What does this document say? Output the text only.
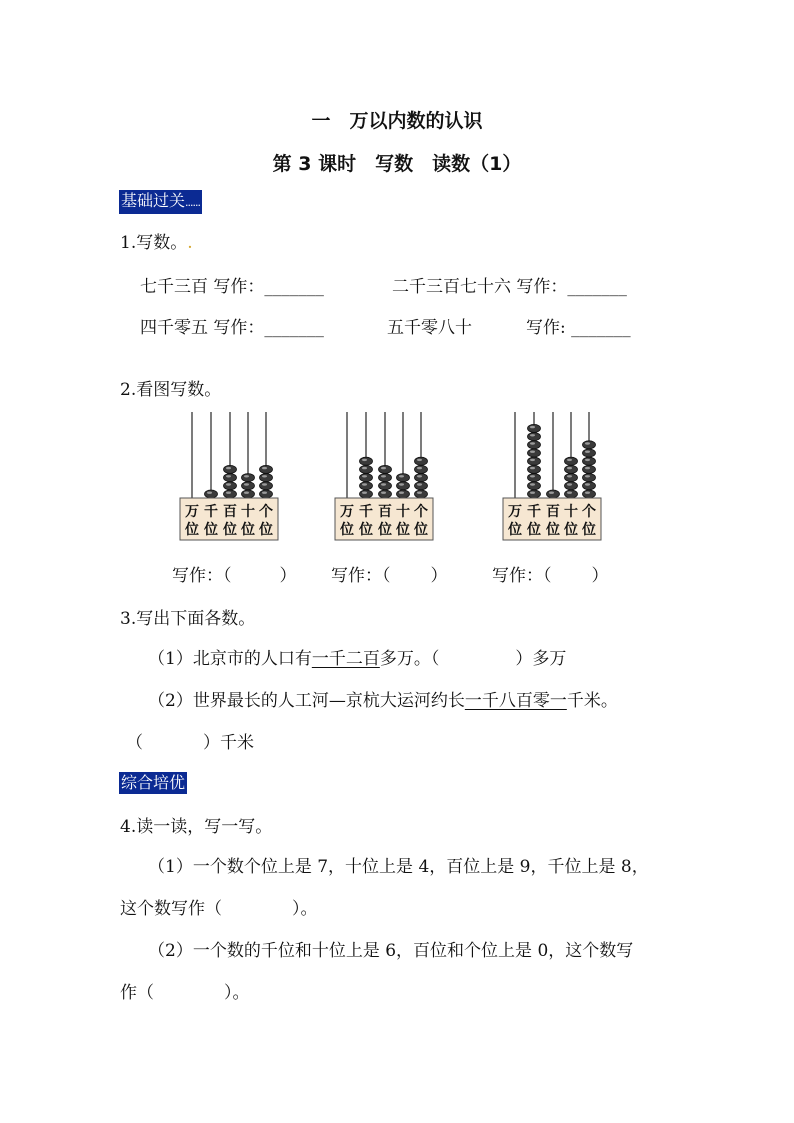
一　万以内数的认识
第 3 课时　写数　读数（1）
基础过关......
1.写数。.
七千三百 写作：_______	二千三百七十六 写作：_______
四千零五 写作：_______	五千零八十	写作: _______
2.看图写数。
万
位
千
位
百
位
十
位
个
位
万
位
千
位
百
位
十
位
个
位
万
位
千
位
百
位
十
位
个
位
写作：（	） 写作：（ ）	写作：（ ）
3.写出下面各数。
（1）北京市的人口有一千二百多万。（	）多万
（2）世界最长的人工河—京杭大运河约长一千八百零一千米。
（	）千米
综合培优
4.读一读，写一写。
（1）一个数个位上是 7，十位上是 4，百位上是 9，千位上是 8，
这个数写作（	）。
（2）一个数的千位和十位上是 6，百位和个位上是 0，这个数写
作（	）。
